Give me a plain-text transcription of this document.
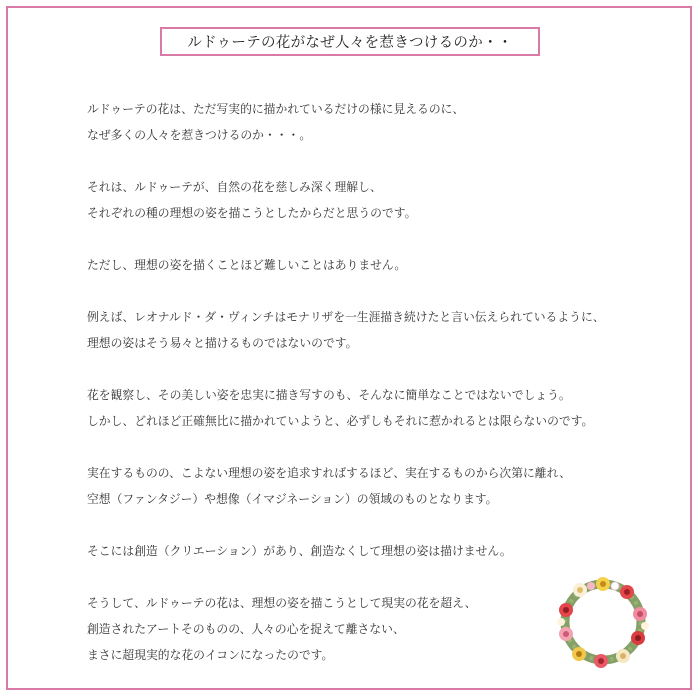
ルドゥーテの花がなぜ人々を惹きつけるのか・・

ルドゥーテの花は、ただ写実的に描かれているだけの様に見えるのに、
なぜ多くの人々を惹きつけるのか・・・。

それは、ルドゥーテが、自然の花を慈しみ深く理解し、
それぞれの種の理想の姿を描こうとしたからだと思うのです。

ただし、理想の姿を描くことほど難しいことはありません。

例えば、レオナルド・ダ・ヴィンチはモナリザを一生涯描き続けたと言い伝えられているように、
理想の姿はそう易々と描けるものではないのです。

花を観察し、その美しい姿を忠実に描き写すのも、そんなに簡単なことではないでしょう。
しかし、どれほど正確無比に描かれていようと、必ずしもそれに惹かれるとは限らないのです。

実在するものの、こよない理想の姿を追求すればするほど、実在するものから次第に離れ、
空想（ファンタジー）や想像（イマジネーション）の領域のものとなります。

そこには創造（クリエーション）があり、創造なくして理想の姿は描けません。

そうして、ルドゥーテの花は、理想の姿を描こうとして現実の花を超え、
創造されたアートそのものの、人々の心を捉えて離さない、
まさに超現実的な花のイコンになったのです。
